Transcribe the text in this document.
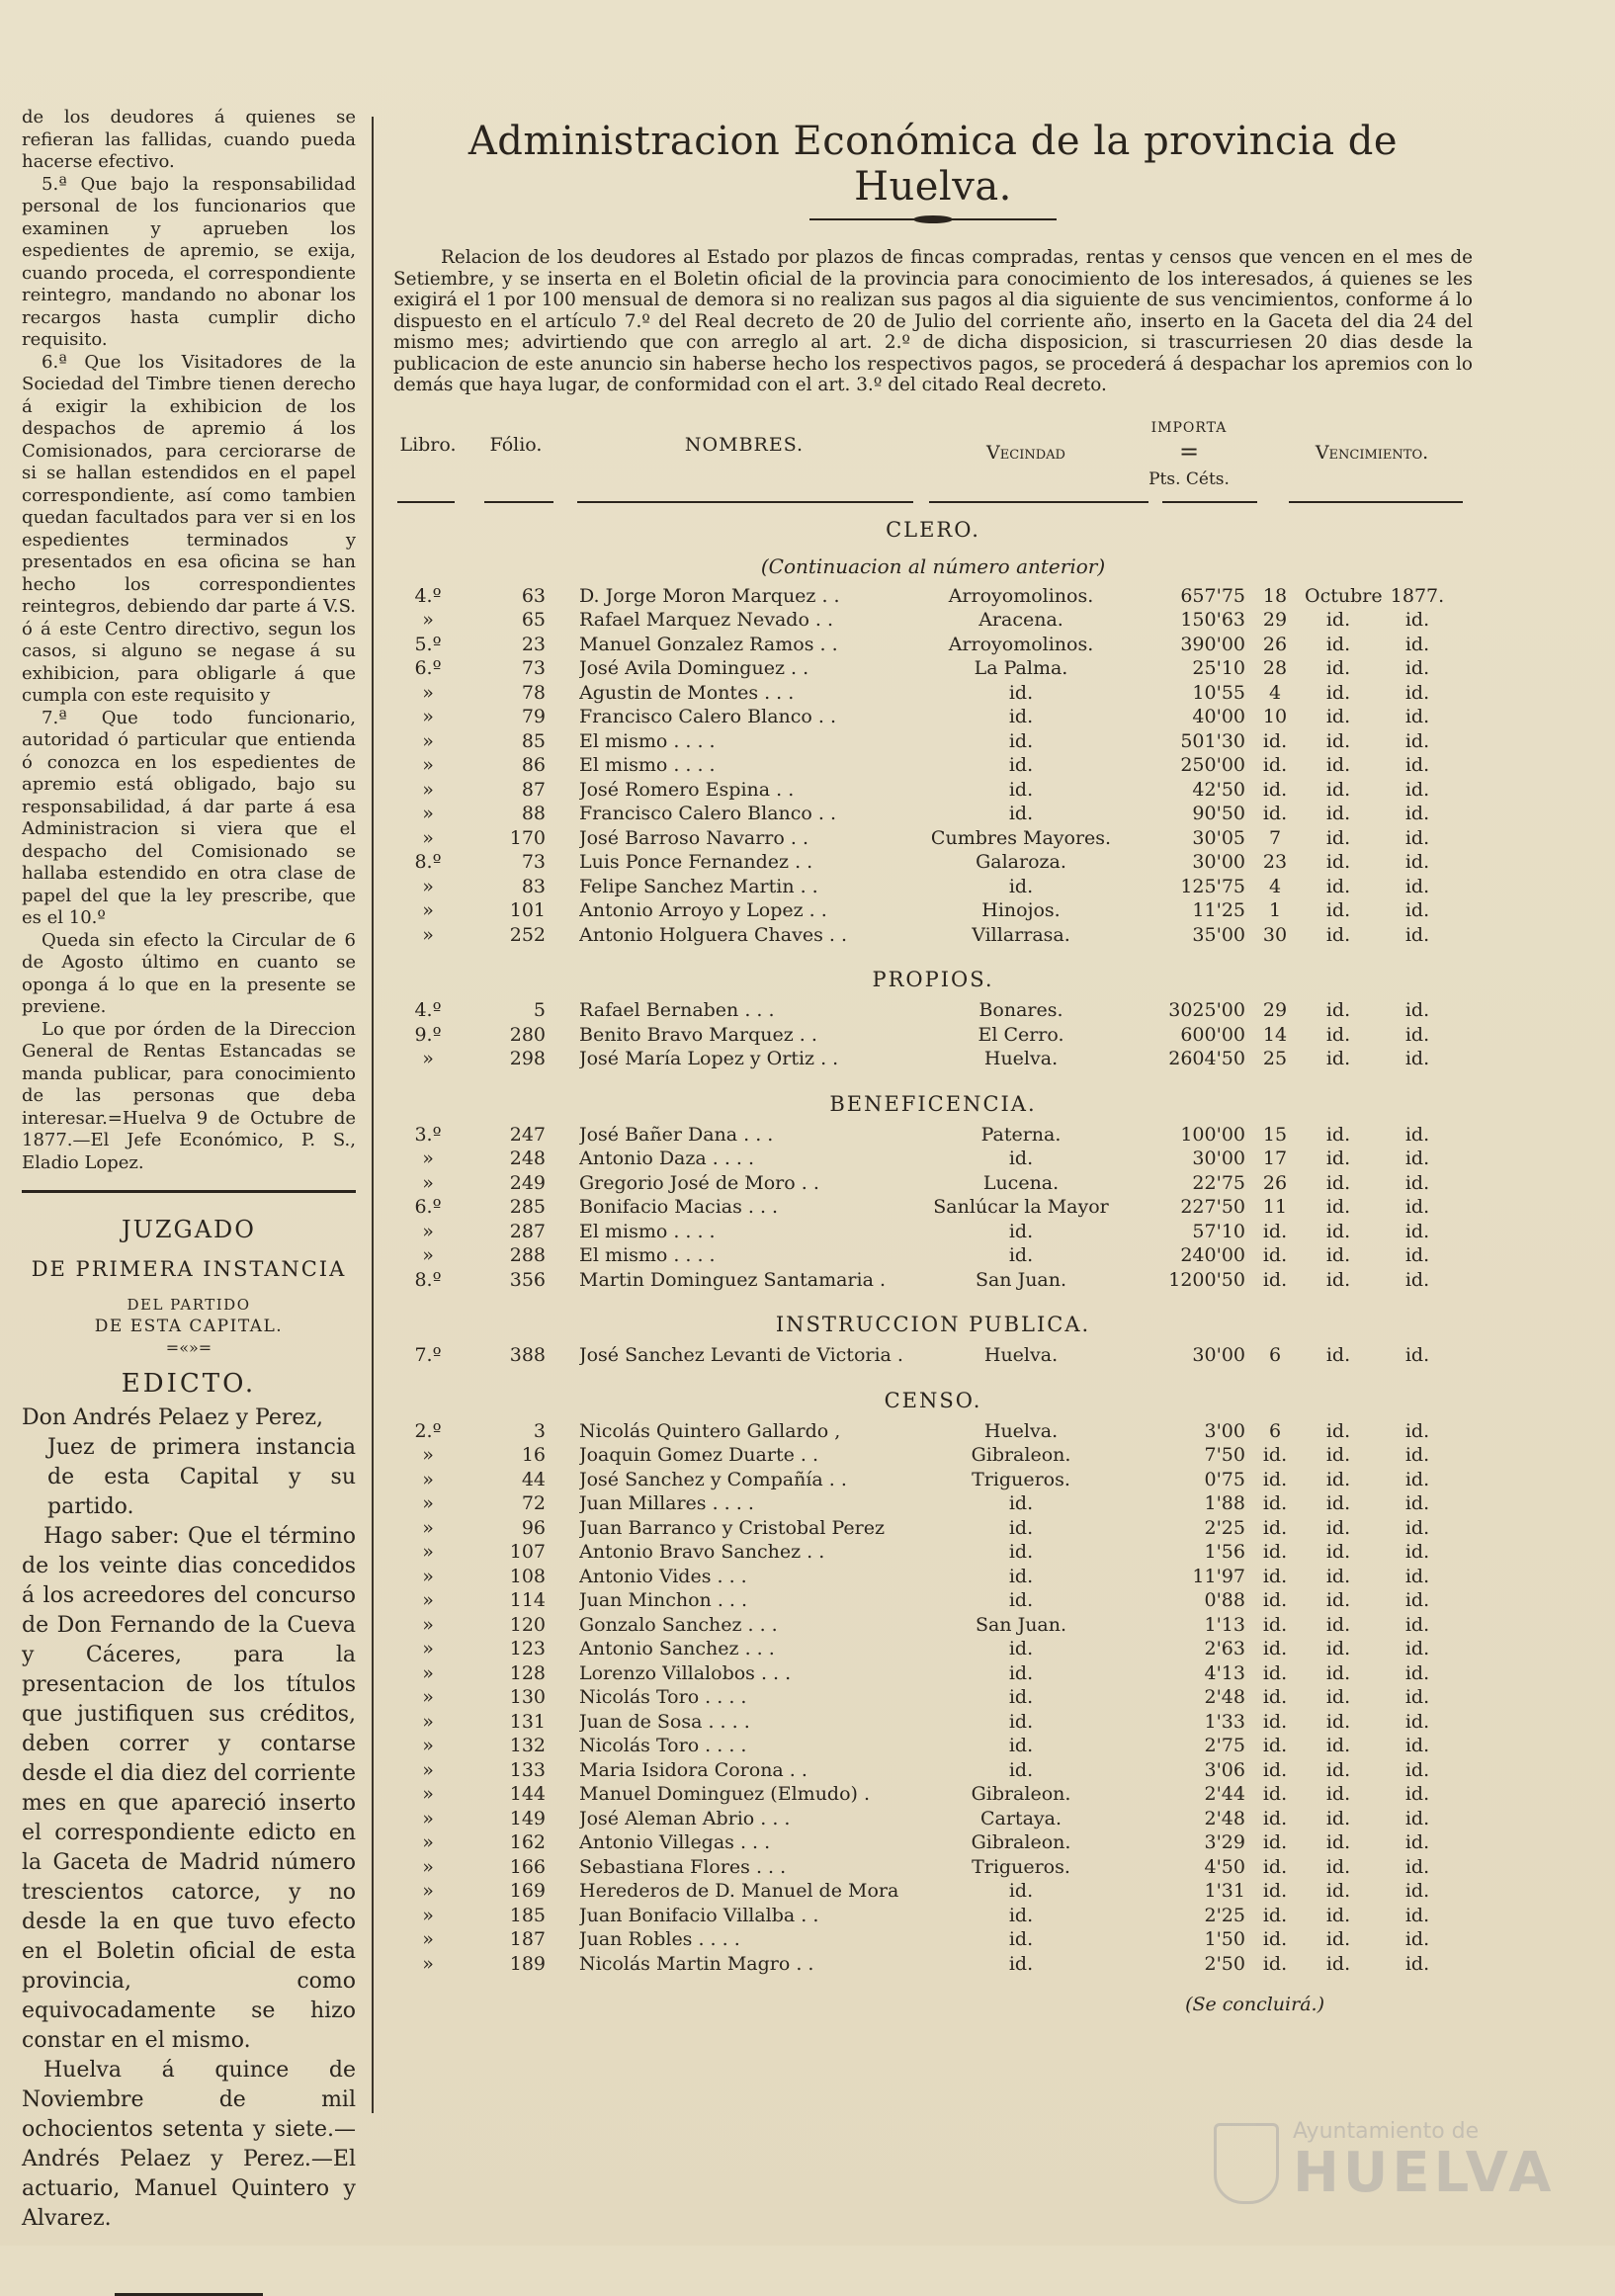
de los deudores á quienes se refieran las fallidas, cuando pueda hacerse efectivo.

5.ª Que bajo la responsabilidad personal de los funcionarios que examinen y aprueben los espedientes de apremio, se exija, cuando proceda, el correspondiente reintegro, mandando no abonar los recargos hasta cumplir dicho requisito.

6.ª Que los Visitadores de la Sociedad del Timbre tienen derecho á exigir la exhibicion de los despachos de apremio á los Comisionados, para cerciorarse de si se hallan estendidos en el papel correspondiente, así como tambien quedan facultados para ver si en los espedientes terminados y presentados en esa oficina se han hecho los correspondientes reintegros, debiendo dar parte á V.S. ó á este Centro directivo, segun los casos, si alguno se negase á su exhibicion, para obligarle á que cumpla con este requisito y

7.ª Que todo funcionario, autoridad ó particular que entienda ó conozca en los espedientes de apremio está obligado, bajo su responsabilidad, á dar parte á esa Administracion si viera que el despacho del Comisionado se hallaba estendido en otra clase de papel del que la ley prescribe, que es el 10.º

Queda sin efecto la Circular de 6 de Agosto último en cuanto se oponga á lo que en la presente se previene.

Lo que por órden de la Direccion General de Rentas Estancadas se manda publicar, para conocimiento de las personas que deba interesar.=Huelva 9 de Octubre de 1877.—El Jefe Económico, P. S., Eladio Lopez.

JUZGADO
DE PRIMERA INSTANCIA
DEL PARTIDO
DE ESTA CAPITAL.
=«»=
EDICTO.

Don Andrés Pelaez y Perez,

Juez de primera instancia de esta Capital y su partido.

Hago saber: Que el término de los veinte dias concedidos á los acreedores del concurso de Don Fernando de la Cueva y Cáceres, para la presentacion de los títulos que justifiquen sus créditos, deben correr y contarse desde el dia diez del corriente mes en que apareció inserto el correspondiente edicto en la Gaceta de Madrid número trescientos catorce, y no desde la en que tuvo efecto en el Boletin oficial de esta provincia, como equivocadamente se hizo constar en el mismo.

Huelva á quince de Noviembre de mil ochocientos setenta y siete.—Andrés Pelaez y Perez.—El actuario, Manuel Quintero y Alvarez.

Administracion Económica de la provincia de Huelva.

Relacion de los deudores al Estado por plazos de fincas compradas, rentas y censos que vencen en el mes de Setiembre, y se inserta en el Boletin oficial de la provincia para conocimiento de los interesados, á quienes se les exigirá el 1 por 100 mensual de demora si no realizan sus pagos al dia siguiente de sus vencimientos, conforme á lo dispuesto en el artículo 7.º del Real decreto de 20 de Julio del corriente año, inserto en la Gaceta del dia 24 del mismo mes; advirtiendo que con arreglo al art. 2.º de dicha disposicion, si trascurriesen 20 dias desde la publicacion de este anuncio sin haberse hecho los respectivos pagos, se procederá á despachar los apremios con lo demás que haya lugar, de conformidad con el art. 3.º del citado Real decreto.

Libro.	Fólio.	NOMBRES.	Vecindad
IMPORTA
=
Pts. Céts.
Vencimiento.
CLERO.
(Continuacion al número anterior)
4.º	63 D. Jorge Moron Marquez . .	Arroyomolinos.	657'75 18 Octubre 1877.
»	65 Rafael Marquez Nevado . .	Aracena.	150'63 29	id.	id.
5.º	23 Manuel Gonzalez Ramos . .	Arroyomolinos.	390'00 26	id.	id.
6.º	73 José Avila Dominguez . .	La Palma.	25'10 28	id.	id.
»	78 Agustin de Montes . . .	id.	10'55	4	id.	id.
»	79 Francisco Calero Blanco . .	id.	40'00 10	id.	id.
»	85 El mismo . . . .	id.	501'30 id.	id.	id.
»	86 El mismo . . . .	id.	250'00 id.	id.	id.
»	87 José Romero Espina . .	id.	42'50 id.	id.	id.
»	88 Francisco Calero Blanco . .	id.	90'50 id.	id.	id.
»	170 José Barroso Navarro . .	Cumbres Mayores.	30'05	7	id.	id.
8.º	73 Luis Ponce Fernandez . .	Galaroza.	30'00 23	id.	id.
»	83 Felipe Sanchez Martin . .	id.	125'75	4	id.	id.
»	101 Antonio Arroyo y Lopez . .	Hinojos.	11'25	1	id.	id.
»	252 Antonio Holguera Chaves . .	Villarrasa.	35'00 30	id.	id.
PROPIOS.
4.º	5 Rafael Bernaben . . .	Bonares.	3025'00 29	id.	id.
9.º	280 Benito Bravo Marquez . .	El Cerro.	600'00 14	id.	id.
»	298 José María Lopez y Ortiz . .	Huelva.	2604'50 25	id.	id.
BENEFICENCIA.
3.º	247 José Bañer Dana . . .	Paterna.	100'00 15	id.	id.
»	248 Antonio Daza . . . .	id.	30'00 17	id.	id.
»	249 Gregorio José de Moro . .	Lucena.	22'75 26	id.	id.
6.º	285 Bonifacio Macias . . .	Sanlúcar la Mayor	227'50 11	id.	id.
»	287 El mismo . . . .	id.	57'10 id.	id.	id.
»	288 El mismo . . . .	id.	240'00 id.	id.	id.
8.º	356 Martin Dominguez Santamaria .	San Juan.	1200'50 id.	id.	id.
INSTRUCCION PUBLICA.
7.º	388 José Sanchez Levanti de Victoria .	Huelva.	30'00	6	id.	id.
CENSO.
2.º	3 Nicolás Quintero Gallardo ,	Huelva.	3'00	6	id.	id.
»	16 Joaquin Gomez Duarte . .	Gibraleon.	7'50 id.	id.	id.
»	44 José Sanchez y Compañía . .	Trigueros.	0'75 id.	id.	id.
»	72 Juan Millares . . . .	id.	1'88 id.	id.	id.
»	96 Juan Barranco y Cristobal Perez	id.	2'25 id.	id.	id.
»	107 Antonio Bravo Sanchez . .	id.	1'56 id.	id.	id.
»	108 Antonio Vides . . .	id.	11'97 id.	id.	id.
»	114 Juan Minchon . . .	id.	0'88 id.	id.	id.
»	120 Gonzalo Sanchez . . .	San Juan.	1'13 id.	id.	id.
»	123 Antonio Sanchez . . .	id.	2'63 id.	id.	id.
»	128 Lorenzo Villalobos . . .	id.	4'13 id.	id.	id.
»	130 Nicolás Toro . . . .	id.	2'48 id.	id.	id.
»	131 Juan de Sosa . . . .	id.	1'33 id.	id.	id.
»	132 Nicolás Toro . . . .	id.	2'75 id.	id.	id.
»	133 Maria Isidora Corona . .	id.	3'06 id.	id.	id.
»	144 Manuel Dominguez (Elmudo) .	Gibraleon.	2'44 id.	id.	id.
»	149 José Aleman Abrio . . .	Cartaya.	2'48 id.	id.	id.
»	162 Antonio Villegas . . .	Gibraleon.	3'29 id.	id.	id.
»	166 Sebastiana Flores . . .	Trigueros.	4'50 id.	id.	id.
»	169 Herederos de D. Manuel de Mora	id.	1'31 id.	id.	id.
»	185 Juan Bonifacio Villalba . .	id.	2'25 id.	id.	id.
»	187 Juan Robles . . . .	id.	1'50 id.	id.	id.
»	189 Nicolás Martin Magro . .	id.	2'50 id.	id.	id.
(Se concluirá.)
Ayuntamiento de
HUELVA
